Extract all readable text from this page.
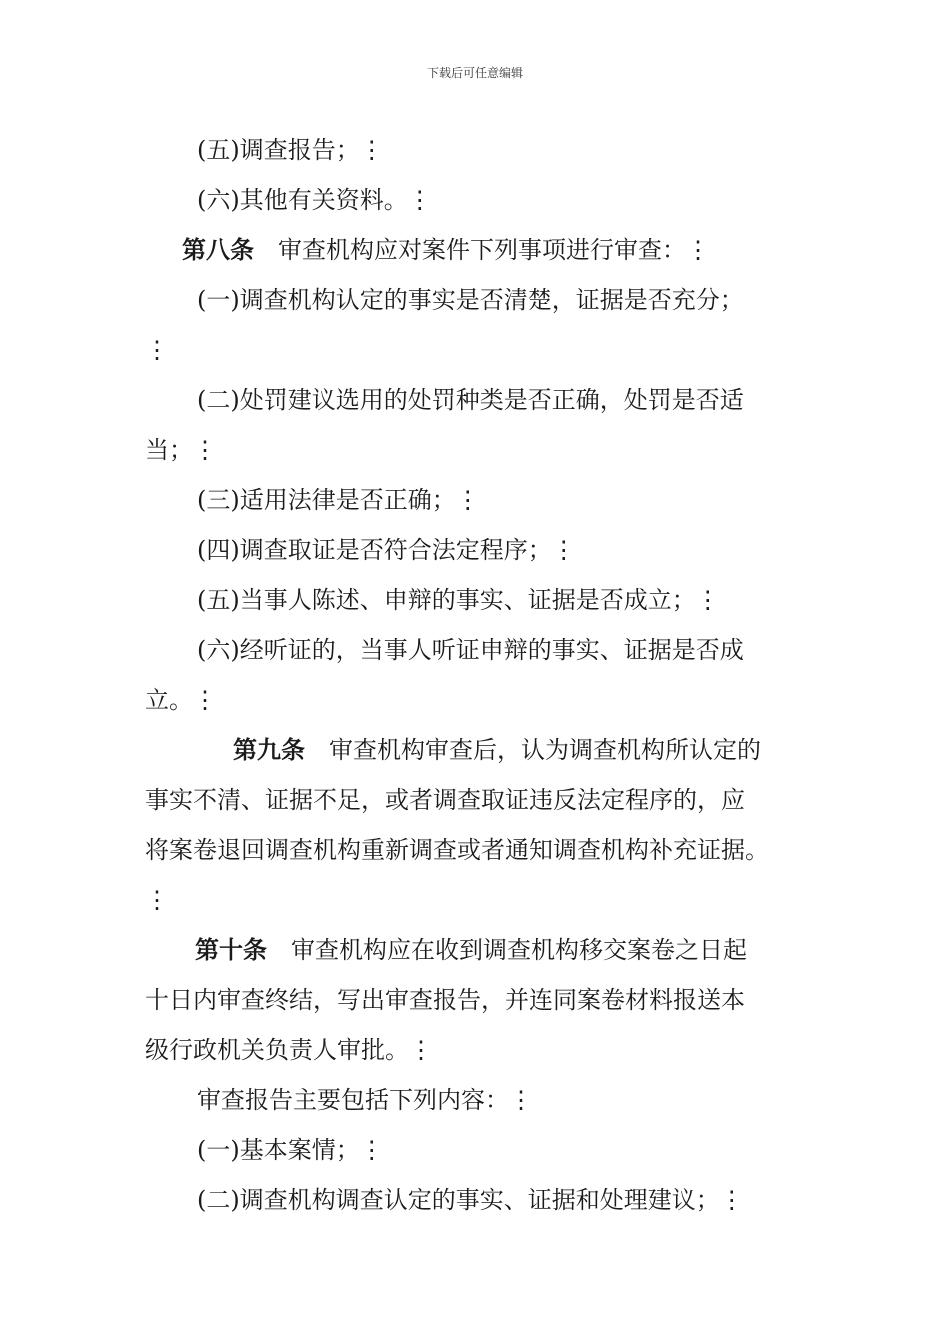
下载后可任意编辑
(五)调查报告；⋮
(六)其他有关资料。⋮
第八条 审查机构应对案件下列事项进行审查：⋮
(一)调查机构认定的事实是否清楚，证据是否充分；
⋮
(二)处罚建议选用的处罚种类是否正确，处罚是否适
当；⋮
(三)适用法律是否正确；⋮
(四)调查取证是否符合法定程序；⋮
(五)当事人陈述、申辩的事实、证据是否成立；⋮
(六)经听证的，当事人听证申辩的事实、证据是否成
立。⋮
第九条 审查机构审查后，认为调查机构所认定的
事实不清、证据不足，或者调查取证违反法定程序的，应
将案卷退回调查机构重新调查或者通知调查机构补充证据。
⋮
第十条 审查机构应在收到调查机构移交案卷之日起
十日内审查终结，写出审查报告，并连同案卷材料报送本
级行政机关负责人审批。⋮
审查报告主要包括下列内容：⋮
(一)基本案情；⋮
(二)调查机构调查认定的事实、证据和处理建议；⋮
